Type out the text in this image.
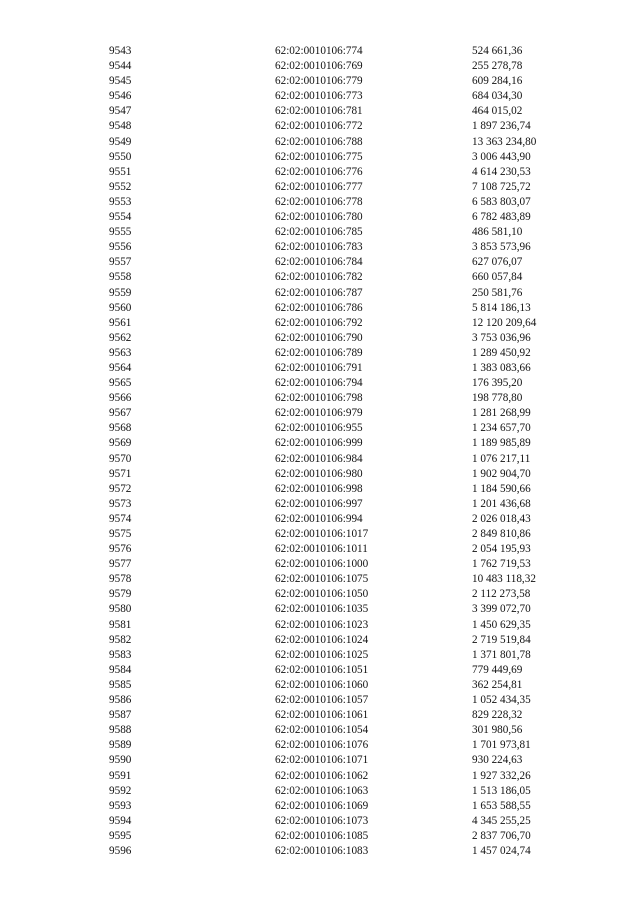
9543	62:02:0010106:774	524 661,36
9544	62:02:0010106:769	255 278,78
9545	62:02:0010106:779	609 284,16
9546	62:02:0010106:773	684 034,30
9547	62:02:0010106:781	464 015,02
9548	62:02:0010106:772	1 897 236,74
9549	62:02:0010106:788	13 363 234,80
9550	62:02:0010106:775	3 006 443,90
9551	62:02:0010106:776	4 614 230,53
9552	62:02:0010106:777	7 108 725,72
9553	62:02:0010106:778	6 583 803,07
9554	62:02:0010106:780	6 782 483,89
9555	62:02:0010106:785	486 581,10
9556	62:02:0010106:783	3 853 573,96
9557	62:02:0010106:784	627 076,07
9558	62:02:0010106:782	660 057,84
9559	62:02:0010106:787	250 581,76
9560	62:02:0010106:786	5 814 186,13
9561	62:02:0010106:792	12 120 209,64
9562	62:02:0010106:790	3 753 036,96
9563	62:02:0010106:789	1 289 450,92
9564	62:02:0010106:791	1 383 083,66
9565	62:02:0010106:794	176 395,20
9566	62:02:0010106:798	198 778,80
9567	62:02:0010106:979	1 281 268,99
9568	62:02:0010106:955	1 234 657,70
9569	62:02:0010106:999	1 189 985,89
9570	62:02:0010106:984	1 076 217,11
9571	62:02:0010106:980	1 902 904,70
9572	62:02:0010106:998	1 184 590,66
9573	62:02:0010106:997	1 201 436,68
9574	62:02:0010106:994	2 026 018,43
9575	62:02:0010106:1017	2 849 810,86
9576	62:02:0010106:1011	2 054 195,93
9577	62:02:0010106:1000	1 762 719,53
9578	62:02:0010106:1075	10 483 118,32
9579	62:02:0010106:1050	2 112 273,58
9580	62:02:0010106:1035	3 399 072,70
9581	62:02:0010106:1023	1 450 629,35
9582	62:02:0010106:1024	2 719 519,84
9583	62:02:0010106:1025	1 371 801,78
9584	62:02:0010106:1051	779 449,69
9585	62:02:0010106:1060	362 254,81
9586	62:02:0010106:1057	1 052 434,35
9587	62:02:0010106:1061	829 228,32
9588	62:02:0010106:1054	301 980,56
9589	62:02:0010106:1076	1 701 973,81
9590	62:02:0010106:1071	930 224,63
9591	62:02:0010106:1062	1 927 332,26
9592	62:02:0010106:1063	1 513 186,05
9593	62:02:0010106:1069	1 653 588,55
9594	62:02:0010106:1073	4 345 255,25
9595	62:02:0010106:1085	2 837 706,70
9596	62:02:0010106:1083	1 457 024,74
